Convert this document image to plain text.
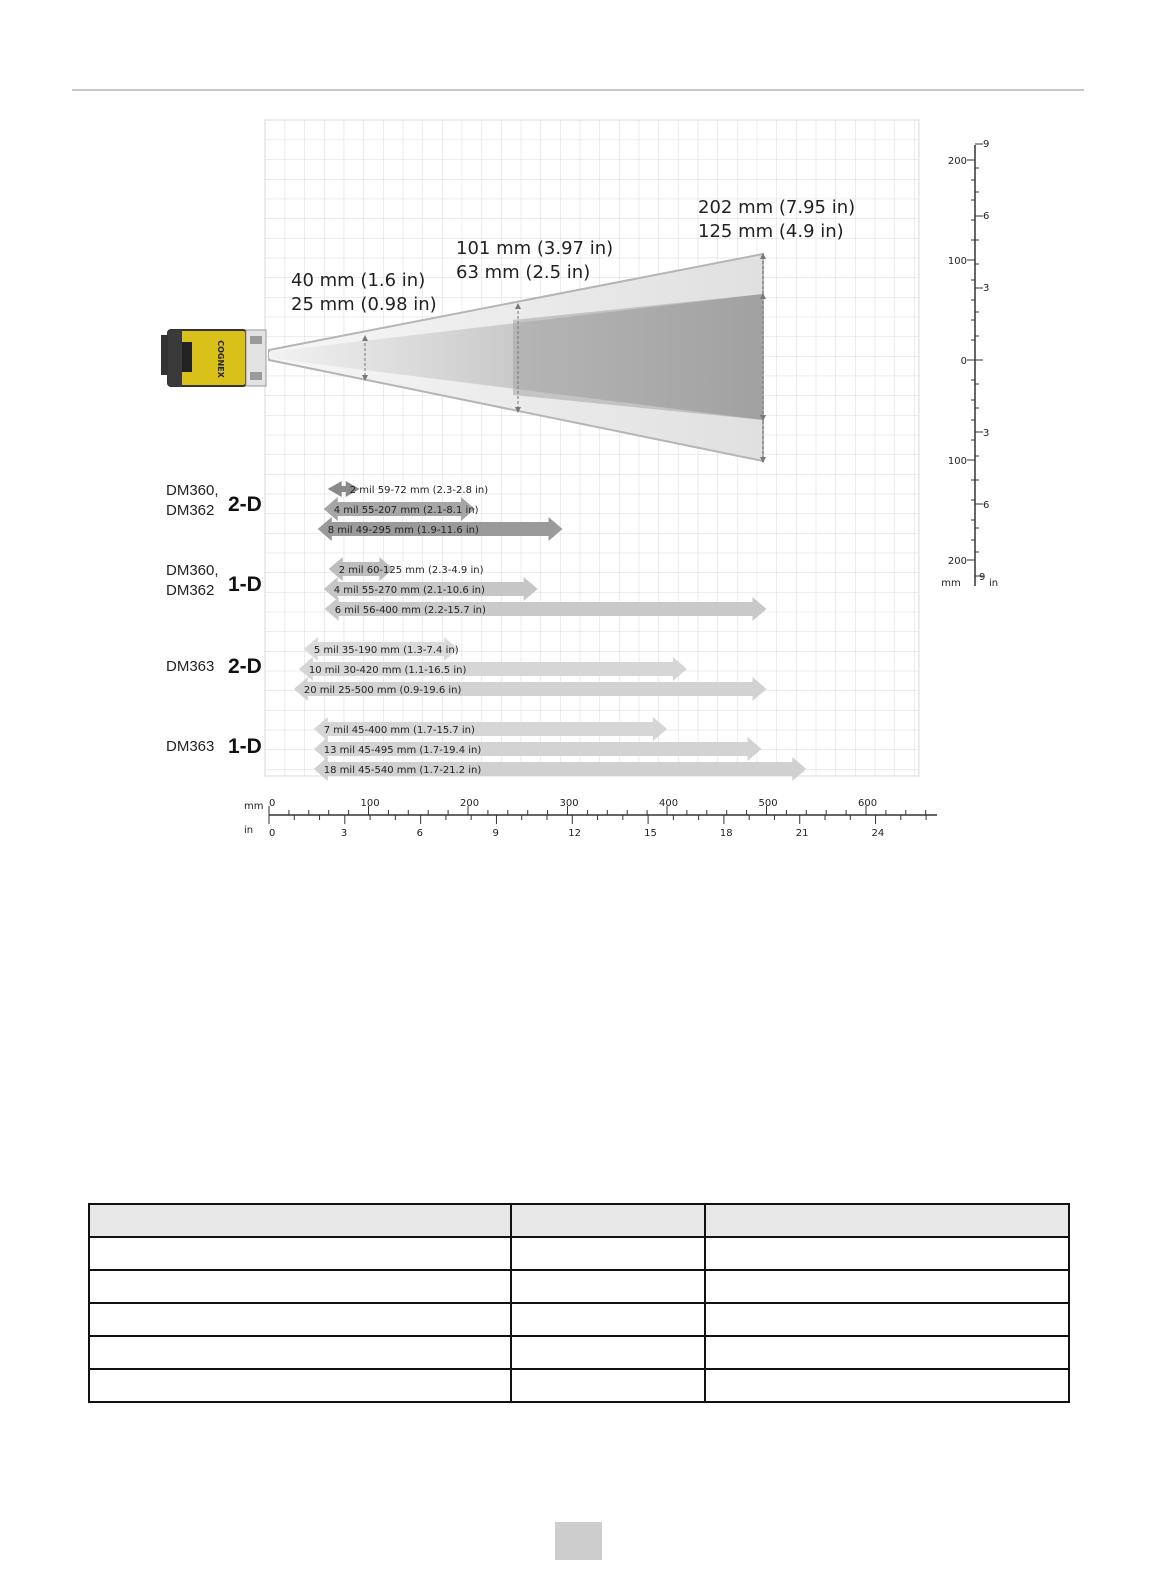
COGNEX
40 mm (1.6 in)
25 mm (0.98 in)
101 mm (3.97 in)
63 mm (2.5 in)
202 mm (7.95 in)
125 mm (4.9 in)
DM360,
DM362 2-D
DM360,
DM362 1-D
DM363 2-D
DM363 1-D
2 mil 59-72 mm (2.3-2.8 in)
4 mil 55-207 mm (2.1-8.1 in)
8 mil 49-295 mm (1.9-11.6 in)
2 mil 60-125 mm (2.3-4.9 in)
4 mil 55-270 mm (2.1-10.6 in)
6 mil 56-400 mm (2.2-15.7 in)
5 mil 35-190 mm (1.3-7.4 in)
10 mil 30-420 mm (1.1-16.5 in)
20 mil 25-500 mm (0.9-19.6 in)
7 mil 45-400 mm (1.7-15.7 in)
13 mil 45-495 mm (1.7-19.4 in)
18 mil 45-540 mm (1.7-21.2 in)
200
100
0
100
200
9
6
3
3
6
9
mm	in
0	100	200	300	400	500	600
0	3	6	9	12	15	18	21	24
mm
in
